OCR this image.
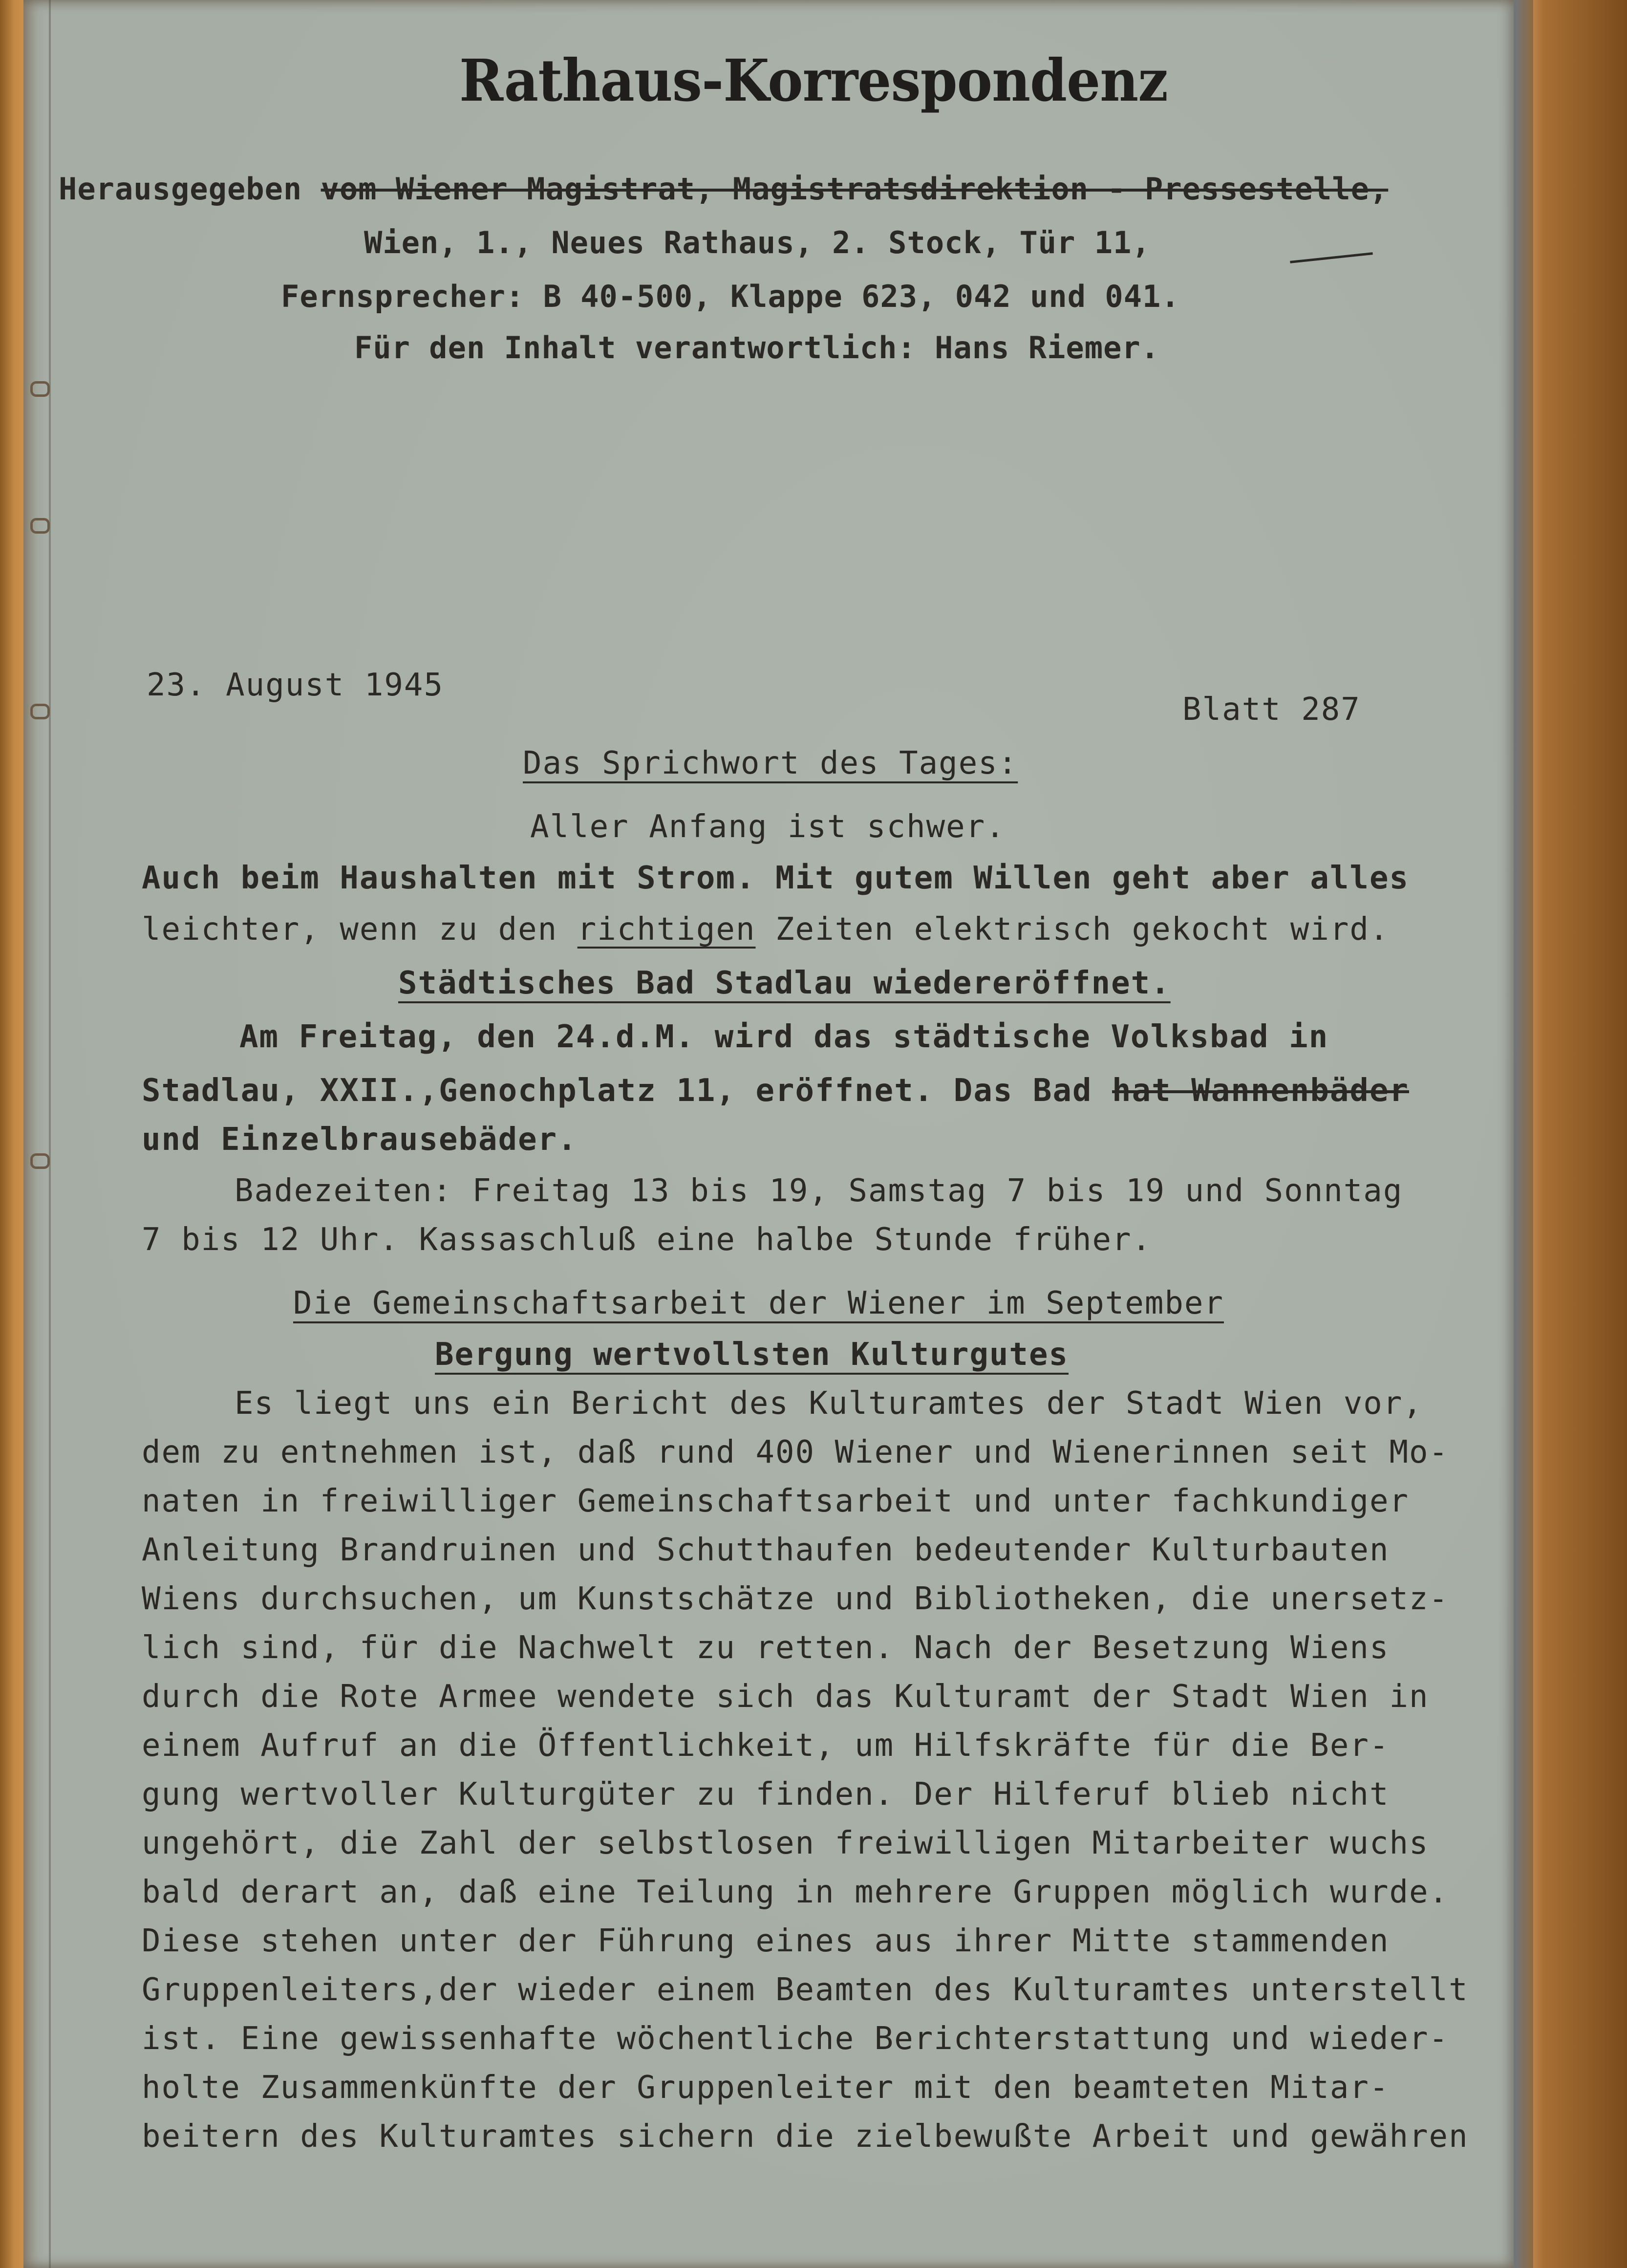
Rathaus-Korrespondenz

Herausgegeben vom Wiener Magistrat, Magistratsdirektion - Pressestelle,

Wien, 1., Neues Rathaus, 2. Stock, Tür 11,

Fernsprecher: B 40-500, Klappe 623, 042 und 041.

Für den Inhalt verantwortlich: Hans Riemer.

23. August 1945

Blatt 287

Das Sprichwort des Tages:

Aller Anfang ist schwer.

Auch beim Haushalten mit Strom. Mit gutem Willen geht aber alles

leichter, wenn zu den richtigen Zeiten elektrisch gekocht wird.

Städtisches Bad Stadlau wiedereröffnet.

Am Freitag, den 24.d.M. wird das städtische Volksbad in

Stadlau, XXII.,Genochplatz 11, eröffnet. Das Bad hat Wannenbäder

und Einzelbrausebäder.

Badezeiten: Freitag 13 bis 19, Samstag 7 bis 19 und Sonntag

7 bis 12 Uhr. Kassaschluß eine halbe Stunde früher.

Die Gemeinschaftsarbeit der Wiener im September

Bergung wertvollsten Kulturgutes

Es liegt uns ein Bericht des Kulturamtes der Stadt Wien vor,

dem zu entnehmen ist, daß rund 400 Wiener und Wienerinnen seit Mo-

naten in freiwilliger Gemeinschaftsarbeit und unter fachkundiger

Anleitung Brandruinen und Schutthaufen bedeutender Kulturbauten

Wiens durchsuchen, um Kunstschätze und Bibliotheken, die unersetz-

lich sind, für die Nachwelt zu retten. Nach der Besetzung Wiens

durch die Rote Armee wendete sich das Kulturamt der Stadt Wien in

einem Aufruf an die Öffentlichkeit, um Hilfskräfte für die Ber-

gung wertvoller Kulturgüter zu finden. Der Hilferuf blieb nicht

ungehört, die Zahl der selbstlosen freiwilligen Mitarbeiter wuchs

bald derart an, daß eine Teilung in mehrere Gruppen möglich wurde.

Diese stehen unter der Führung eines aus ihrer Mitte stammenden

Gruppenleiters,der wieder einem Beamten des Kulturamtes unterstellt

ist. Eine gewissenhafte wöchentliche Berichterstattung und wieder-

holte Zusammenkünfte der Gruppenleiter mit den beamteten Mitar-

beitern des Kulturamtes sichern die zielbewußte Arbeit und gewähren
